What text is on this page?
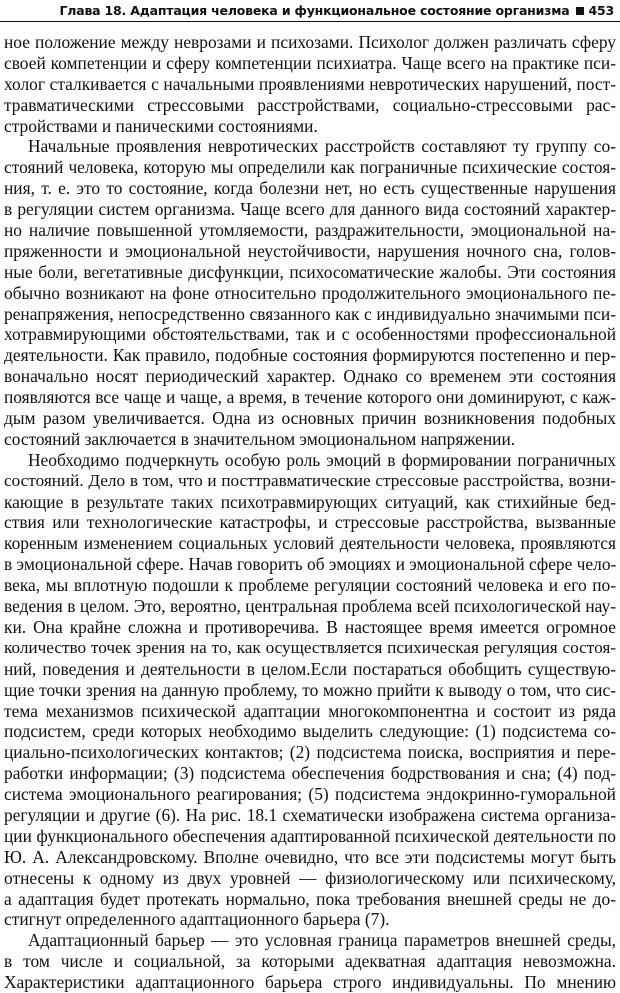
Глава 18. Адаптация человека и функциональное состояние организма 453
ное положение между неврозами и психозами. Психолог должен различать сферу
своей компетенции и сферу компетенции психиатра. Чаще всего на практике пси-
холог сталкивается с начальными проявлениями невротических нарушений, пост-
травматическими стрессовыми расстройствами, социально-стрессовыми рас-
стройствами и паническими состояниями.
Начальные проявления невротических расстройств составляют ту группу со-
стояний человека, которую мы определили как пограничные психические состоя-
ния, т. е. это то состояние, когда болезни нет, но есть существенные нарушения
в регуляции систем организма. Чаще всего для данного вида состояний характер-
но наличие повышенной утомляемости, раздражительности, эмоциональной на-
пряженности и эмоциональной неустойчивости, нарушения ночного сна, голов-
ные боли, вегетативные дисфункции, психосоматические жалобы. Эти состояния
обычно возникают на фоне относительно продолжительного эмоционального пе-
ренапряжения, непосредственно связанного как с индивидуально значимыми пси-
хотравмирующими обстоятельствами, так и с особенностями профессиональной
деятельности. Как правило, подобные состояния формируются постепенно и пер-
воначально носят периодический характер. Однако со временем эти состояния
появляются все чаще и чаще, а время, в течение которого они доминируют, с каж-
дым разом увеличивается. Одна из основных причин возникновения подобных
состояний заключается в значительном эмоциональном напряжении.
Необходимо подчеркнуть особую роль эмоций в формировании пограничных
состояний. Дело в том, что и посттравматические стрессовые расстройства, возни-
кающие в результате таких психотравмирующих ситуаций, как стихийные бед-
ствия или технологические катастрофы, и стрессовые расстройства, вызванные
коренным изменением социальных условий деятельности человека, проявляются
в эмоциональной сфере. Начав говорить об эмоциях и эмоциональной сфере чело-
века, мы вплотную подошли к проблеме регуляции состояний человека и его по-
ведения в целом. Это, вероятно, центральная проблема всей психологической нау-
ки. Она крайне сложна и противоречива. В настоящее время имеется огромное
количество точек зрения на то, как осуществляется психическая регуляция состоя-
ний, поведения и деятельности в целом.Если постараться обобщить существую-
щие точки зрения на данную проблему, то можно прийти к выводу о том, что сис-
тема механизмов психической адаптации многокомпонентна и состоит из ряда
подсистем, среди которых необходимо выделить следующие: (1) подсистема со-
циально-психологических контактов; (2) подсистема поиска, восприятия и пере-
работки информации; (3) подсистема обеспечения бодрствования и сна; (4) под-
система эмоционального реагирования; (5) подсистема эндокринно-гуморальной
регуляции и другие (6). На рис. 18.1 схематически изображена система организа-
ции функционального обеспечения адаптированной психической деятельности по
Ю. А. Александровскому. Вполне очевидно, что все эти подсистемы могут быть
отнесены к одному из двух уровней — физиологическому или психическому,
а адаптация будет протекать нормально, пока требования внешней среды не до-
стигнут определенного адаптационного барьера (7).
Адаптационный барьер — это условная граница параметров внешней среды,
в том числе и социальной, за которыми адекватная адаптация невозможна.
Характеристики адаптационного барьера строго индивидуальны. По мнению
